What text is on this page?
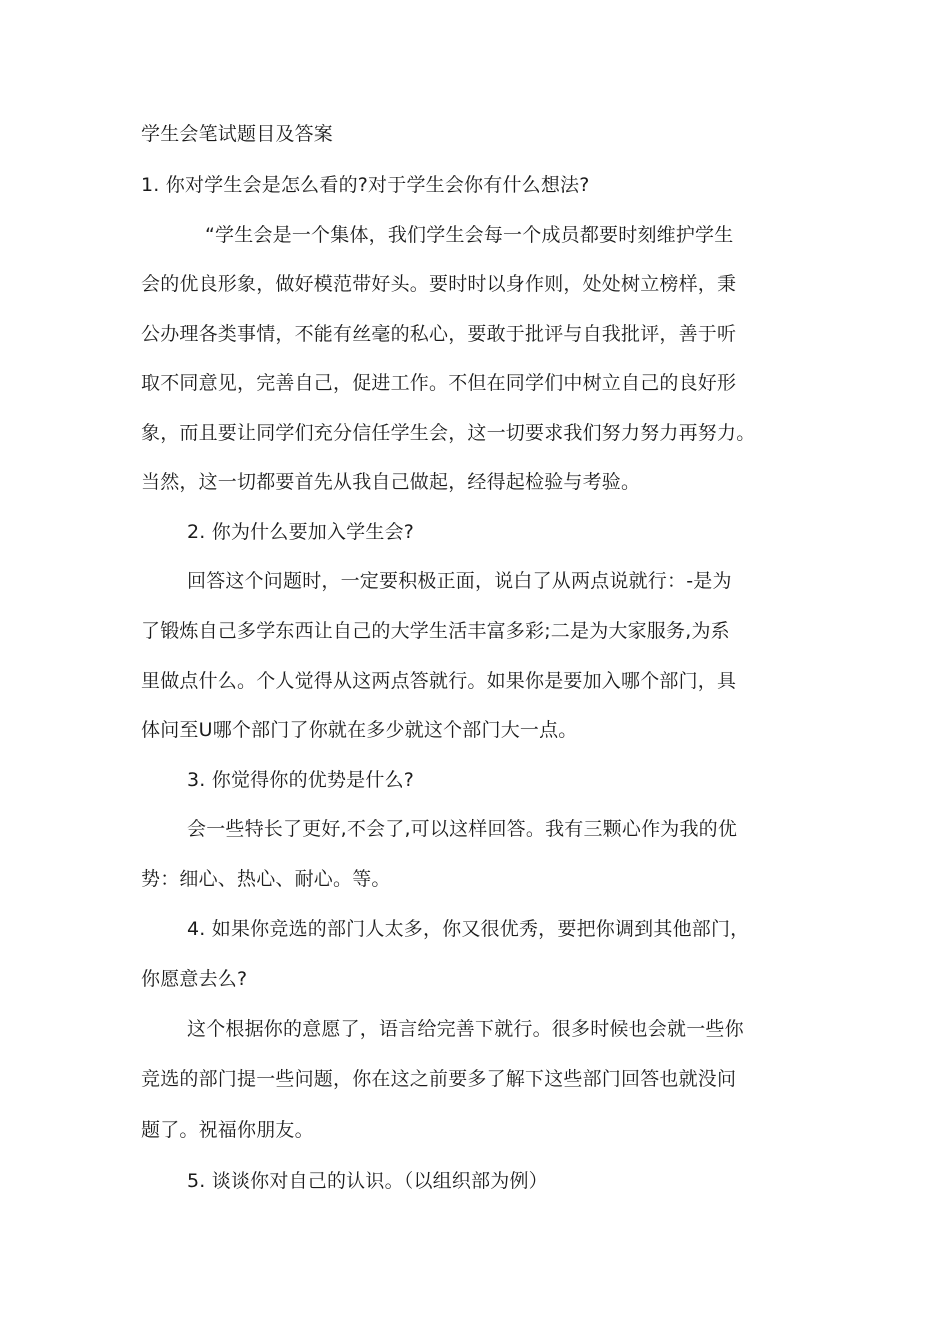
学生会笔试题目及答案
1. 你对学生会是怎么看的?对于学生会你有什么想法?
“学生会是一个集体，我们学生会每一个成员都要时刻维护学生
会的优良形象，做好模范带好头。要时时以身作则，处处树立榜样，秉
公办理各类事情，不能有丝毫的私心，要敢于批评与自我批评，善于听
取不同意见，完善自己，促进工作。不但在同学们中树立自己的良好形
象，而且要让同学们充分信任学生会，这一切要求我们努力努力再努力。
当然，这一切都要首先从我自己做起，经得起检验与考验。
2. 你为什么要加入学生会?
回答这个问题时，一定要积极正面，说白了从两点说就行：-是为
了锻炼自己多学东西让自己的大学生活丰富多彩;二是为大家服务,为系
里做点什么。个人觉得从这两点答就行。如果你是要加入哪个部门，具
体问至U哪个部门了你就在多少就这个部门大一点。
3. 你觉得你的优势是什么?
会一些特长了更好,不会了,可以这样回答。我有三颗心作为我的优
势：细心、热心、耐心。等。
4. 如果你竞选的部门人太多，你又很优秀，要把你调到其他部门，
你愿意去么?
这个根据你的意愿了，语言给完善下就行。很多时候也会就一些你
竞选的部门提一些问题，你在这之前要多了解下这些部门回答也就没问
题了。祝福你朋友。
5. 谈谈你对自己的认识。（以组织部为例）
